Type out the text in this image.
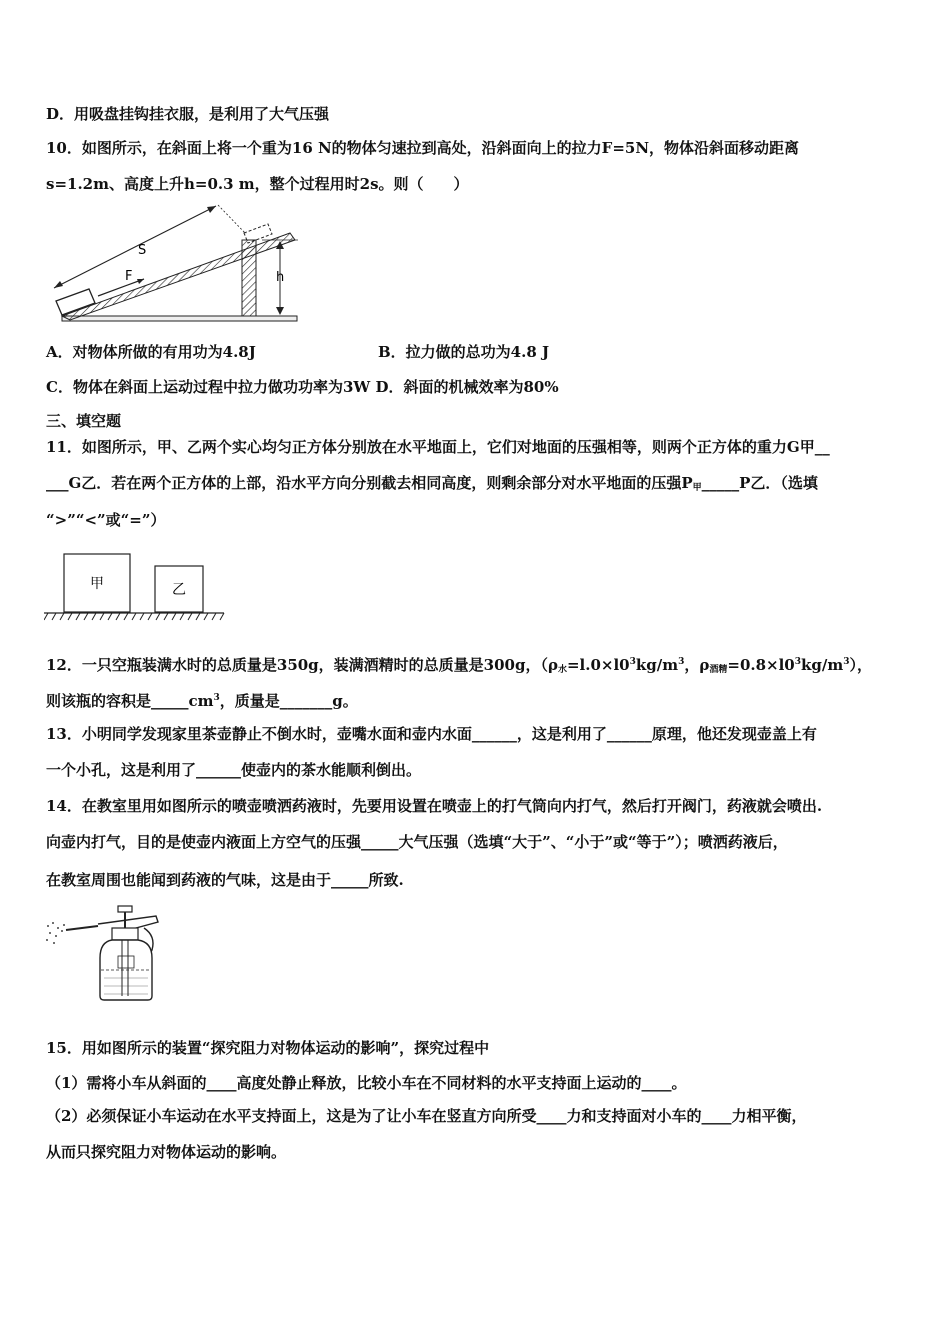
D．用吸盘挂钩挂衣服，是利用了大气压强
10．如图所示，在斜面上将一个重为16 N的物体匀速拉到高处，沿斜面向上的拉力F=5N，物体沿斜面移动距离
s=1.2m、高度上升h=0.3 m，整个过程用时2s。则（　　）
F
S
h
A．对物体所做的有用功为4.8J	B．拉力做的总功为4.8 J
C．物体在斜面上运动过程中拉力做功功率为3W D．斜面的机械效率为80%
三、填空题
11．如图所示，甲、乙两个实心均匀正方体分别放在水平地面上，它们对地面的压强相等，则两个正方体的重力G甲__
___G乙．若在两个正方体的上部，沿水平方向分别截去相同高度，则剩余部分对水平地面的压强$P_甲\_\_\_\_\_P$乙．（选填
“>”“<”或“=”）
甲	乙
12．一只空瓶装满水时的总质量是350g，装满酒精时的总质量是300g，（$\rho_水=l.0\times l0^3kg/m^3$，$\rho_{酒精}=0.8\times l0^3kg/m^3$），
则该瓶的容积是$\_\_\_\_\_cm^3$，质量是_______g。
13．小明同学发现家里茶壶静止不倒水时，壶嘴水面和壶内水面______，这是利用了______原理，他还发现壶盖上有
一个小孔，这是利用了______使壶内的茶水能顺利倒出。
14．在教室里用如图所示的喷壶喷洒药液时，先要用设置在喷壶上的打气筒向内打气，然后打开阀门，药液就会喷出.
向壶内打气，目的是使壶内液面上方空气的压强_____大气压强（选填“大于”、“小于”或“等于”）；喷洒药液后，
在教室周围也能闻到药液的气味，这是由于_____所致.
15．用如图所示的装置“探究阻力对物体运动的影响”，探究过程中
（1）需将小车从斜面的____高度处静止释放，比较小车在不同材料的水平支持面上运动的____。
（2）必须保证小车运动在水平支持面上，这是为了让小车在竖直方向所受____力和支持面对小车的____力相平衡，
从而只探究阻力对物体运动的影响。
